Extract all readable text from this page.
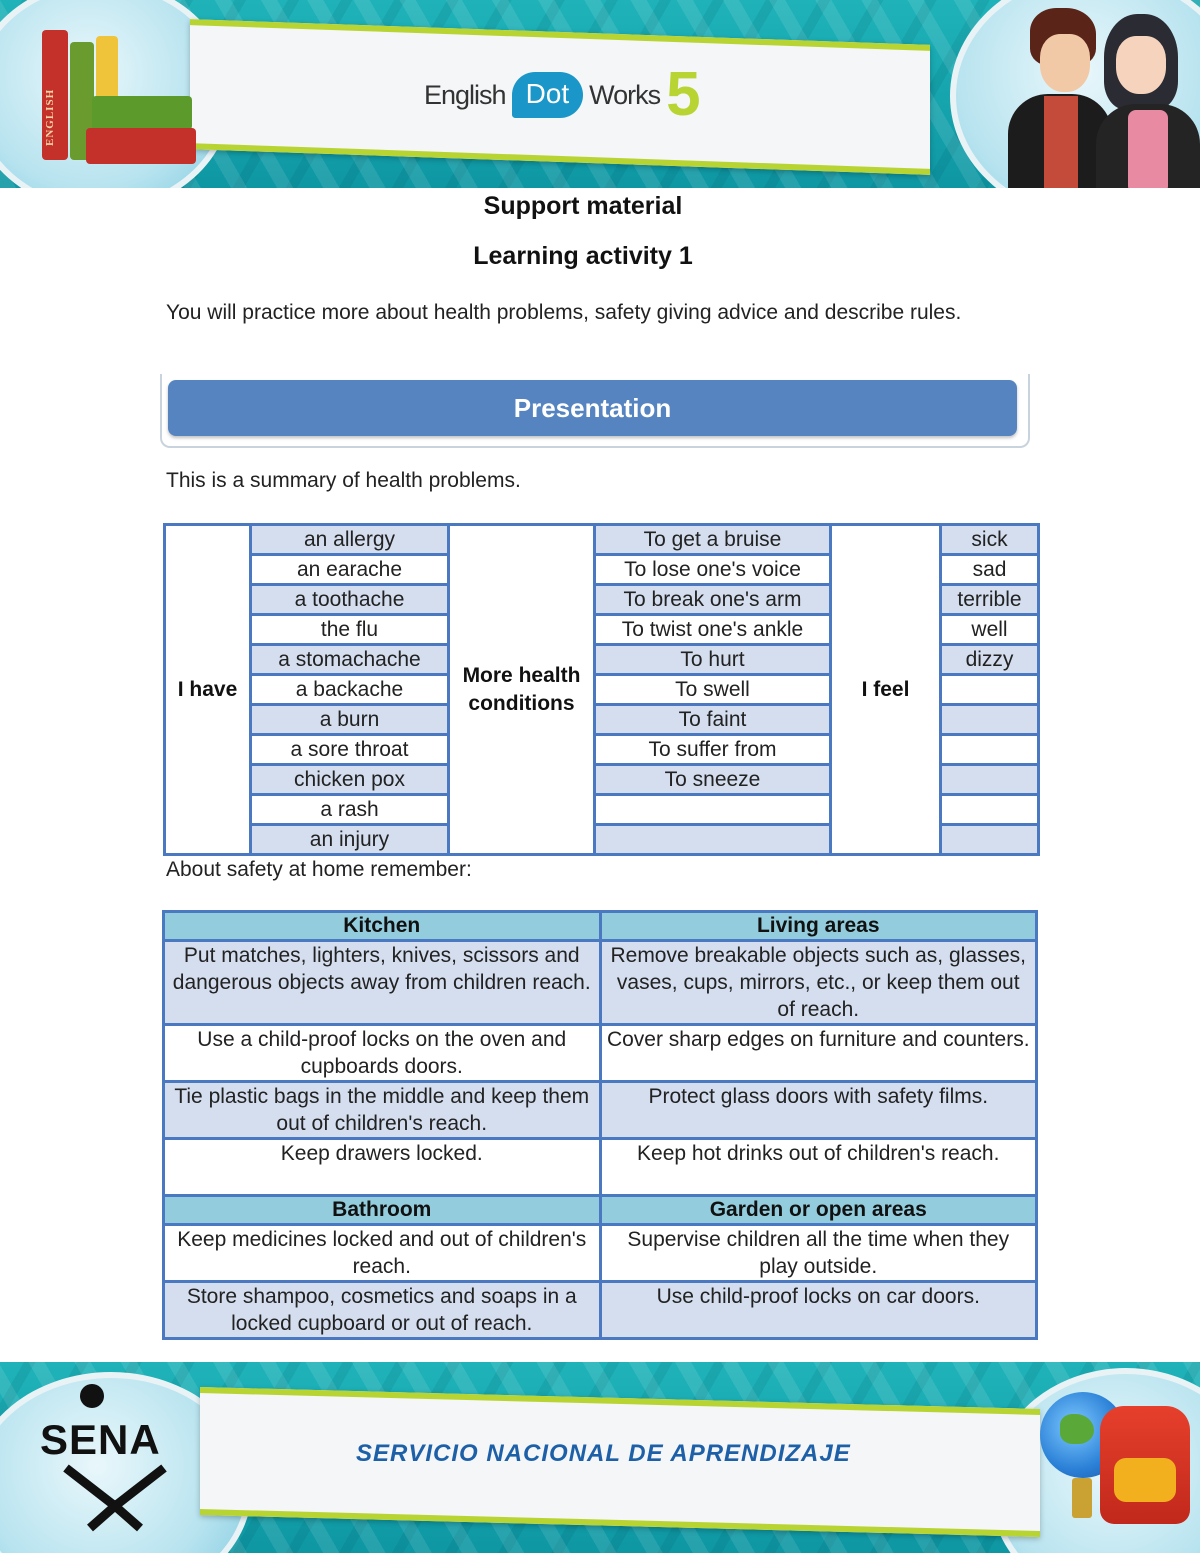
ENGLISH	English Dot Works 5
Support material
Learning activity 1
You will practice more about health problems, safety giving advice and describe rules.
Presentation
This is a summary of health problems.
I have	an allergy	More health conditions	To get a bruise	I feel	sick
	an earache		To lose one's voice		sad
	a toothache		To break one's arm		terrible
	the flu		To twist one's ankle		well
	a stomachache		To hurt		dizzy
	a backache		To swell		
	a burn		To faint		
	a sore throat		To suffer from		
	chicken pox		To sneeze		
	a rash				
	an injury				
About safety at home remember:
Kitchen	Living areas
Put matches, lighters, knives, scissors and dangerous objects away from children reach.	Remove breakable objects such as, glasses, vases, cups, mirrors, etc., or keep them out of reach.
Use a child-proof locks on the oven and cupboards doors.	Cover sharp edges on furniture and counters.
Tie plastic bags in the middle and keep them out of children's reach.	Protect glass doors with safety films.
Keep drawers locked.	Keep hot drinks out of children's reach.
Bathroom	Garden or open areas
Keep medicines locked and out of children's reach.	Supervise children all the time when they play outside.
Store shampoo, cosmetics and soaps in a locked cupboard or out of reach.	Use child-proof locks on car doors.
SENA	SERVICIO NACIONAL DE APRENDIZAJE
